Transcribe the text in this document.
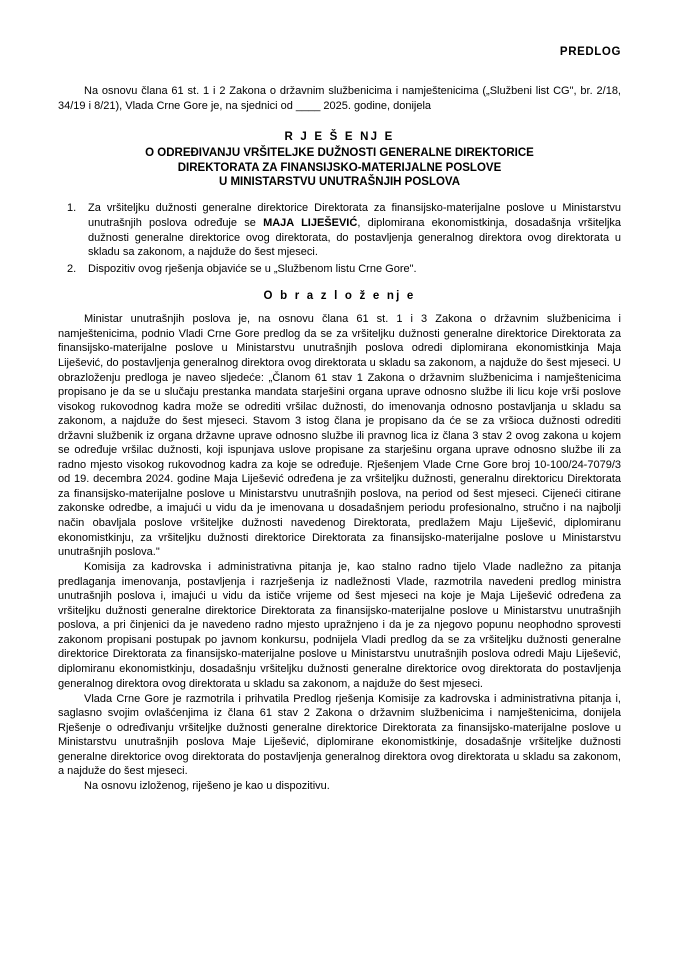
PREDLOG

Na osnovu člana 61 st. 1 i 2 Zakona o državnim službenicima i namještenicima („Službeni list CG", br. 2/18, 34/19 i 8/21), Vlada Crne Gore je, na sjednici od ____ 2025. godine, donijela

R J E Š E NJ E
O ODREĐIVANJU VRŠITELJKE DUŽNOSTI GENERALNE DIREKTORICE
DIREKTORATA ZA FINANSIJSKO-MATERIJALNE POSLOVE
U MINISTARSTVU UNUTRAŠNJIH POSLOVA
1. Za vršiteljku dužnosti generalne direktorice Direktorata za finansijsko-materijalne poslove u Ministarstvu unutrašnjih poslova određuje se MAJA LIJEŠEVIĆ, diplomirana ekonomistkinja, dosadašnja vršiteljka dužnosti generalne direktorice ovog direktorata, do postavljenja generalnog direktora ovog direktorata u skladu sa zakonom, a najduže do šest mjeseci.
2. Dispozitiv ovog rješenja objaviće se u „Službenom listu Crne Gore".
O b r a z l o ž e nj e

Ministar unutrašnjih poslova je, na osnovu člana 61 st. 1 i 3 Zakona o državnim službenicima i namještenicima, podnio Vladi Crne Gore predlog da se za vršiteljku dužnosti generalne direktorice Direktorata za finansijsko-materijalne poslove u Ministarstvu unutrašnjih poslova odredi diplomirana ekonomistkinja Maja Liješević, do postavljenja generalnog direktora ovog direktorata u skladu sa zakonom, a najduže do šest mjeseci. U obrazloženju predloga je naveo sljedeće: „Članom 61 stav 1 Zakona o državnim službenicima i namještenicima propisano je da se u slučaju prestanka mandata starješini organa uprave odnosno službe ili licu koje vrši poslove visokog rukovodnog kadra može se odrediti vršilac dužnosti, do imenovanja odnosno postavljanja u skladu sa zakonom, a najduže do šest mjeseci. Stavom 3 istog člana je propisano da će se za vršioca dužnosti odrediti državni službenik iz organa državne uprave odnosno službe ili pravnog lica iz člana 3 stav 2 ovog zakona u kojem se određuje vršilac dužnosti, koji ispunjava uslove propisane za starješinu organa uprave odnosno službe ili za radno mjesto visokog rukovodnog kadra za koje se određuje. Rješenjem Vlade Crne Gore broj 10-100/24-7079/3 od 19. decembra 2024. godine Maja Liješević određena je za vršiteljku dužnosti, generalnu direktoricu Direktorata za finansijsko-materijalne poslove u Ministarstvu unutrašnjih poslova, na period od šest mjeseci. Cijeneći citirane zakonske odredbe, a imajući u vidu da je imenovana u dosadašnjem periodu profesionalno, stručno i na najbolji način obavljala poslove vršiteljke dužnosti navedenog Direktorata, predlažem Maju Liješević, diplomiranu ekonomistkinju, za vršiteljku dužnosti direktorice Direktorata za finansijsko-materijalne poslove u Ministarstvu unutrašnjih poslova."

Komisija za kadrovska i administrativna pitanja je, kao stalno radno tijelo Vlade nadležno za pitanja predlaganja imenovanja, postavljenja i razrješenja iz nadležnosti Vlade, razmotrila navedeni predlog ministra unutrašnjih poslova i, imajući u vidu da ističe vrijeme od šest mjeseci na koje je Maja Liješević određena za vršiteljku dužnosti generalne direktorice Direktorata za finansijsko-materijalne poslove u Ministarstvu unutrašnjih poslova, a pri činjenici da je navedeno radno mjesto upražnjeno i da je za njegovo popunu neophodno sprovesti zakonom propisani postupak po javnom konkursu, podnijela Vladi predlog da se za vršiteljku dužnosti generalne direktorice Direktorata za finansijsko-materijalne poslove u Ministarstvu unutrašnjih poslova odredi Maju Liješević, diplomiranu ekonomistkinju, dosadašnju vršiteljku dužnosti generalne direktorice ovog direktorata do postavljenja generalnog direktora ovog direktorata u skladu sa zakonom, a najduže do šest mjeseci.

Vlada Crne Gore je razmotrila i prihvatila Predlog rješenja Komisije za kadrovska i administrativna pitanja i, saglasno svojim ovlašćenjima iz člana 61 stav 2 Zakona o državnim službenicima i namještenicima, donijela Rješenje o određivanju vršiteljke dužnosti generalne direktorice Direktorata za finansijsko-materijalne poslove u Ministarstvu unutrašnjih poslova Maje Liješević, diplomirane ekonomistkinje, dosadašnje vršiteljke dužnosti generalne direktorice ovog direktorata do postavljenja generalnog direktora ovog direktorata u skladu sa zakonom, a najduže do šest mjeseci.

Na osnovu izloženog, riješeno je kao u dispozitivu.
